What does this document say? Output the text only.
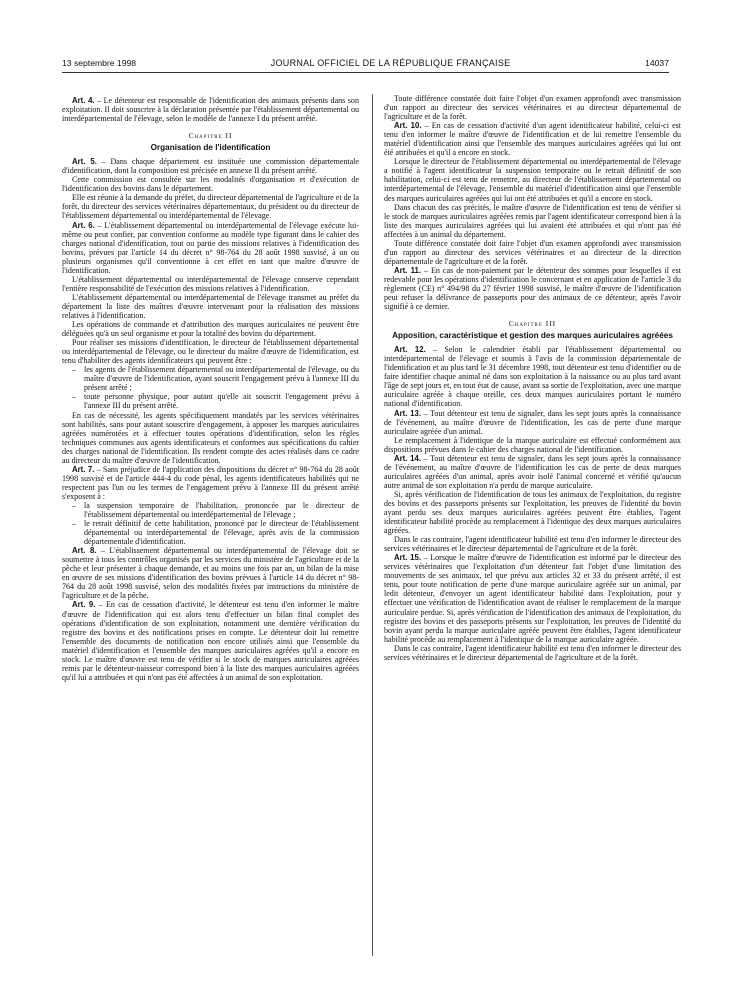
13 septembre 1998	JOURNAL OFFICIEL DE LA RÉPUBLIQUE FRANÇAISE	14037

Art. 4. – Le détenteur est responsable de l'identification des animaux présents dans son exploitation. Il doit souscrire à la déclaration présentée par l'établissement départemental ou interdépartemental de l'élevage, selon le modèle de l'annexe I du présent arrêté.

Chapitre II
Organisation de l'identification

Art. 5. – Dans chaque département est instituée une commission départementale d'identification, dont la composition est précisée en annexe II du présent arrêté.

Cette commission est consultée sur les modalités d'organisation et d'exécution de l'identification des bovins dans le département.

Elle est réunie à la demande du préfet, du directeur départemental de l'agriculture et de la forêt, du directeur des services vétérinaires départementaux, du président ou du directeur de l'établissement départemental ou interdépartemental de l'élevage.

Art. 6. – L'établissement départemental ou interdépartemental de l'élevage exécute lui-même ou peut confier, par convention conforme au modèle type figurant dans le cahier des charges national d'identification, tout ou partie des missions relatives à l'identification des bovins, prévues par l'article 14 du décret n° 98-764 du 28 août 1998 susvisé, à un ou plusieurs organismes qu'il conventionne à cet effet en tant que maître d'œuvre de l'identification.

L'établissement départemental ou interdépartemental de l'élevage conserve cependant l'entière responsabilité de l'exécution des missions relatives à l'identification.

L'établissement départemental ou interdépartemental de l'élevage transmet au préfet du département la liste des maîtres d'œuvre intervenant pour la réalisation des missions relatives à l'identification.

Les opérations de commande et d'attribution des marques auriculaires ne peuvent être déléguées qu'à un seul organisme et pour la totalité des bovins du département.

Pour réaliser ses missions d'identification, le directeur de l'établissement départemental ou interdépartemental de l'élevage, ou le directeur du maître d'œuvre de l'identification, est tenu d'habiliter des agents identificateurs qui peuvent être :

– les agents de l'établissement départemental ou interdépartemental de l'élevage, ou du maître d'œuvre de l'identification, ayant souscrit l'engagement prévu à l'annexe III du présent arrêté ;
– toute personne physique, pour autant qu'elle ait souscrit l'engagement prévu à l'annexe III du présent arrêté.

En cas de nécessité, les agents spécifiquement mandatés par les services vétérinaires sont habilités, sans pour autant souscrire d'engagement, à apposer les marques auriculaires agréées numérotées et à effectuer toutes opérations d'identification, selon les règles techniques communes aux agents identificateurs et conformes aux spécifications du cahier des charges national de l'identification. Ils rendent compte des actes réalisés dans ce cadre au directeur du maître d'œuvre de l'identification.

Art. 7. – Sans préjudice de l'application des dispositions du décret n° 98-764 du 28 août 1998 susvisé et de l'article 444-4 du code pénal, les agents identificateurs habilités qui ne respectent pas l'un ou les termes de l'engagement prévu à l'annexe III du présent arrêté s'exposent à :

– la suspension temporaire de l'habilitation, prononcée par le directeur de l'établissement départemental ou interdépartemental de l'élevage ;
– le retrait définitif de cette habilitation, prononcé par le directeur de l'établissement départemental ou interdépartemental de l'élevage, après avis de la commission départementale d'identification.

Art. 8. – L'établissement départemental ou interdépartemental de l'élevage doit se soumettre à tous les contrôles organisés par les services du ministère de l'agriculture et de la pêche et leur présenter à chaque demande, et au moins une fois par an, un bilan de la mise en œuvre de ses missions d'identification des bovins prévues à l'article 14 du décret n° 98-764 du 28 août 1998 susvisé, selon des modalités fixées par instructions du ministère de l'agriculture et de la pêche.

Art. 9. – En cas de cessation d'activité, le détenteur est tenu d'en informer le maître d'œuvre de l'identification qui est alors tenu d'effectuer un bilan final complet des opérations d'identification de son exploitation, notamment une dernière vérification du registre des bovins et des notifications prises en compte. Le détenteur doit lui remettre l'ensemble des documents de notification non encore utilisés ainsi que l'ensemble du matériel d'identification et l'ensemble des marques auriculaires agréées qu'il a encore en stock. Le maître d'œuvre est tenu de vérifier si le stock de marques auriculaires agréées remis par le détenteur-naisseur correspond bien à la liste des marques auriculaires agréées qu'il lui a attribuées et qui n'ont pas été affectées à un animal de son exploitation.

Toute différence constatée doit faire l'objet d'un examen approfondi avec transmission d'un rapport au directeur des services vétérinaires et au directeur départemental de l'agriculture et de la forêt.

Art. 10. – En cas de cessation d'activité d'un agent identificateur habilité, celui-ci est tenu d'en informer le maître d'œuvre de l'identification et de lui remettre l'ensemble du matériel d'identification ainsi que l'ensemble des marques auriculaires agréées qui lui ont été attribuées et qu'il a encore en stock.

Lorsque le directeur de l'établissement départemental ou interdépartemental de l'élevage a notifié à l'agent identificateur la suspension temporaire ou le retrait définitif de son habilitation, celui-ci est tenu de remettre, au directeur de l'établissement départemental ou interdépartemental de l'élevage, l'ensemble du matériel d'identification ainsi que l'ensemble des marques auriculaires agréées qui lui ont été attribuées et qu'il a encore en stock.

Dans chacun des cas précités, le maître d'œuvre de l'identification est tenu de vérifier si le stock de marques auriculaires agréées remis par l'agent identificateur correspond bien à la liste des marques auriculaires agréées qui lui avaient été attribuées et qui n'ont pas été affectées à un animal du département.

Toute différence constatée doit faire l'objet d'un examen approfondi avec transmission d'un rapport au directeur des services vétérinaires et au directeur de la direction départementale de l'agriculture et de la forêt.

Art. 11. – En cas de non-paiement par le détenteur des sommes pour lesquelles il est redevable pour les opérations d'identification le concernant et en application de l'article 3 du règlement (CE) n° 494/98 du 27 février 1998 susvisé, le maître d'œuvre de l'identification peut refuser la délivrance de passeports pour des animaux de ce détenteur, après l'avoir signifié à ce dernier.

Chapitre III
Apposition, caractéristique et gestion des marques auriculaires agréées

Art. 12. – Selon le calendrier établi par l'établissement départemental ou interdépartemental de l'élevage et soumis à l'avis de la commission départementale de l'identification et au plus tard le 31 décembre 1998, tout détenteur est tenu d'identifier ou de faire identifier chaque animal né dans son exploitation à la naissance ou au plus tard avant l'âge de sept jours et, en tout état de cause, avant sa sortie de l'exploitation, avec une marque auriculaire agréée à chaque oreille, ces deux marques auriculaires portant le numéro national d'identification.

Art. 13. – Tout détenteur est tenu de signaler, dans les sept jours après la connaissance de l'événement, au maître d'œuvre de l'identification, les cas de perte d'une marque auriculaire agréée d'un animal.

Le remplacement à l'identique de la marque auriculaire est effectué conformément aux dispositions prévues dans le cahier des charges national de l'identification.

Art. 14. – Tout détenteur est tenu de signaler, dans les sept jours après la connaissance de l'événement, au maître d'œuvre de l'identification les cas de perte de deux marques auriculaires agréées d'un animal, après avoir isolé l'animal concerné et vérifié qu'aucun autre animal de son exploitation n'a perdu de marque auriculaire.

Si, après vérification de l'identification de tous les animaux de l'exploitation, du registre des bovins et des passeports présents sur l'exploitation, les preuves de l'identité du bovin ayant perdu ses deux marques auriculaires agréées peuvent être établies, l'agent identificateur habilité procède au remplacement à l'identique des deux marques auriculaires agréées.

Dans le cas contraire, l'agent identificateur habilité est tenu d'en informer le directeur des services vétérinaires et le directeur départemental de l'agriculture et de la forêt.

Art. 15. – Lorsque le maître d'œuvre de l'identification est informé par le directeur des services vétérinaires que l'exploitation d'un détenteur fait l'objet d'une limitation des mouvements de ses animaux, tel que prévu aux articles 32 et 33 du présent arrêté, il est tenu, pour toute notification de perte d'une marque auriculaire agréée sur un animal, par ledit détenteur, d'envoyer un agent identificateur habilité dans l'exploitation, pour y effectuer une vérification de l'identification avant de réaliser le remplacement de la marque auriculaire perdue. Si, après vérification de l'identification des animaux de l'exploitation, du registre des bovins et des passeports présents sur l'exploitation, les preuves de l'identité du bovin ayant perdu la marque auriculaire agréée peuvent être établies, l'agent identificateur habilité procède au remplacement à l'identique de la marque auriculaire agréée.

Dans le cas contraire, l'agent identificateur habilité est tenu d'en informer le directeur des services vétérinaires et le directeur départemental de l'agriculture et de la forêt.
